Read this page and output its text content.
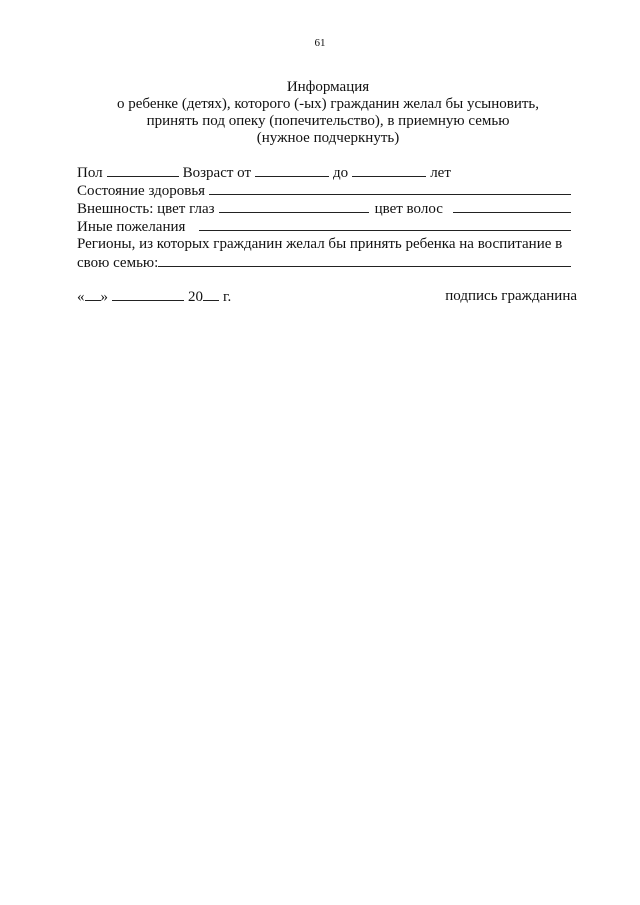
61
Информация
о ребенке (детях), которого (-ых) гражданин желал бы усыновить,
принять под опеку (попечительство), в приемную семью
(нужное подчеркнуть)
Пол	Возраст от	до	лет
Состояние здоровья
Внешность: цвет глаз	цвет волос
Иные пожелания
Регионы, из которых гражданин желал бы принять ребенка на воспитание в
свою семью:
« »	20 г.	подпись гражданина
